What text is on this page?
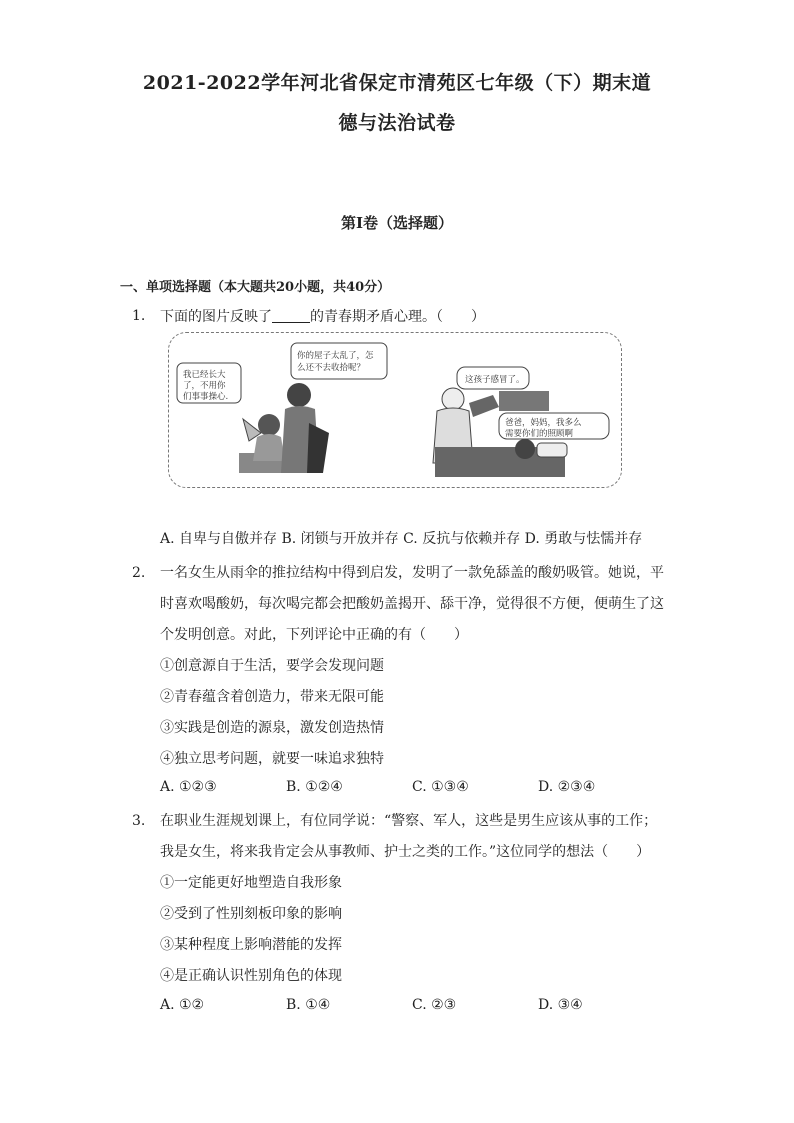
2021-2022学年河北省保定市清苑区七年级（下）期末道
德与法治试卷
第I卷（选择题）
一、单项选择题（本大题共20小题，共40分）
1. 下面的图片反映了	的青春期矛盾心理。（　　）
我已经长大
了，不用你
们事事操心.
你的屋子太乱了，怎
么还不去收拾呢？
这孩子感冒了。
爸爸，妈妈，我多么
需要你们的照顾啊
A. 自卑与自傲并存 B. 闭锁与开放并存 C. 反抗与依赖并存 D. 勇敢与怯懦并存
2. 一名女生从雨伞的推拉结构中得到启发，发明了一款免舔盖的酸奶吸管。她说，平
时喜欢喝酸奶，每次喝完都会把酸奶盖揭开、舔干净，觉得很不方便，便萌生了这
个发明创意。对此，下列评论中正确的有（　　）
①创意源自于生活，要学会发现问题
②青春蕴含着创造力，带来无限可能
③实践是创造的源泉，激发创造热情
④独立思考问题，就要一味追求独特
A. ①②③	B. ①②④	C. ①③④	D. ②③④
3. 在职业生涯规划课上，有位同学说：“警察、军人，这些是男生应该从事的工作；
我是女生，将来我肯定会从事教师、护士之类的工作。”这位同学的想法（　　）
①一定能更好地塑造自我形象
②受到了性别刻板印象的影响
③某种程度上影响潜能的发挥
④是正确认识性别角色的体现
A. ①②	B. ①④	C. ②③	D. ③④
